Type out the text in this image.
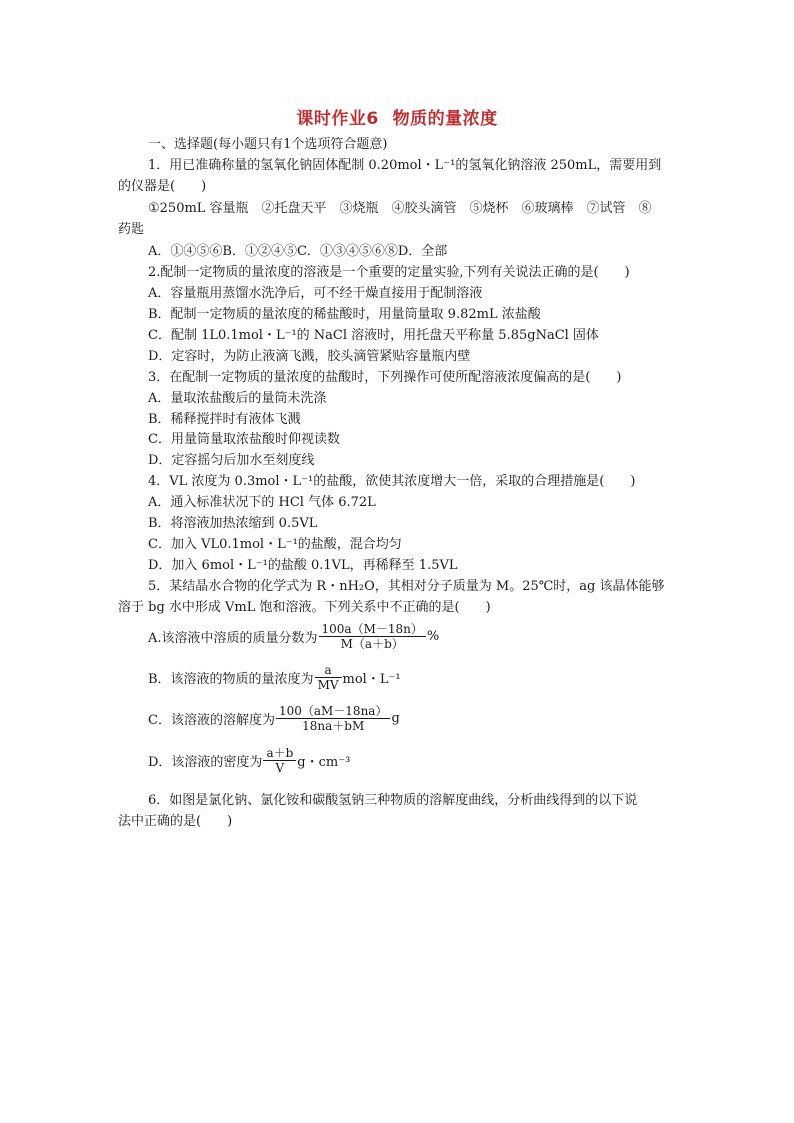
课时作业6 物质的量浓度
一、选择题(每小题只有1个选项符合题意)
1．用已准确称量的氢氧化钠固体配制 0.20mol・L⁻¹的氢氧化钠溶液 250mL，需要用到
的仪器是(　　)
①250mL 容量瓶　②托盘天平　③烧瓶　④胶头滴管　⑤烧杯　⑥玻璃棒　⑦试管　⑧
药匙
A．①④⑤⑥B．①②④⑤C．①③④⑤⑥⑧D．全部
2.配制一定物质的量浓度的溶液是一个重要的定量实验,下列有关说法正确的是(　　)
A．容量瓶用蒸馏水洗净后，可不经干燥直接用于配制溶液
B．配制一定物质的量浓度的稀盐酸时，用量筒量取 9.82mL 浓盐酸
C．配制 1L0.1mol・L⁻¹的 NaCl 溶液时，用托盘天平称量 5.85gNaCl 固体
D．定容时，为防止液滴飞溅，胶头滴管紧贴容量瓶内壁
3．在配制一定物质的量浓度的盐酸时，下列操作可使所配溶液浓度偏高的是(　　)
A．量取浓盐酸后的量筒未洗涤
B．稀释搅拌时有液体飞溅
C．用量筒量取浓盐酸时仰视读数
D．定容摇匀后加水至刻度线
4．VL 浓度为 0.3mol・L⁻¹的盐酸，欲使其浓度增大一倍，采取的合理措施是(　　)
A．通入标准状况下的 HCl 气体 6.72L
B．将溶液加热浓缩到 0.5VL
C．加入 VL0.1mol・L⁻¹的盐酸，混合均匀
D．加入 6mol・L⁻¹的盐酸 0.1VL，再稀释至 1.5VL
5．某结晶水合物的化学式为 R・nH₂O，其相对分子质量为 M。25℃时，ag 该晶体能够
溶于 bg 水中形成 VmL 饱和溶液。下列关系中不正确的是(　　)
A.该溶液中溶质的质量分数为 $\frac{100a(M-18n)}{M(a+b)}$ %
B．该溶液的物质的量浓度为 $\frac{a}{MV}$ mol・L⁻¹
C．该溶液的溶解度为 $\frac{100(aM-18na)}{18na+bM}$ g
D．该溶液的密度为 $\frac{a+b}{V}$ g・cm⁻³
6．如图是氯化钠、氯化铵和碳酸氢钠三种物质的溶解度曲线，分析曲线得到的以下说
法中正确的是(　　)
